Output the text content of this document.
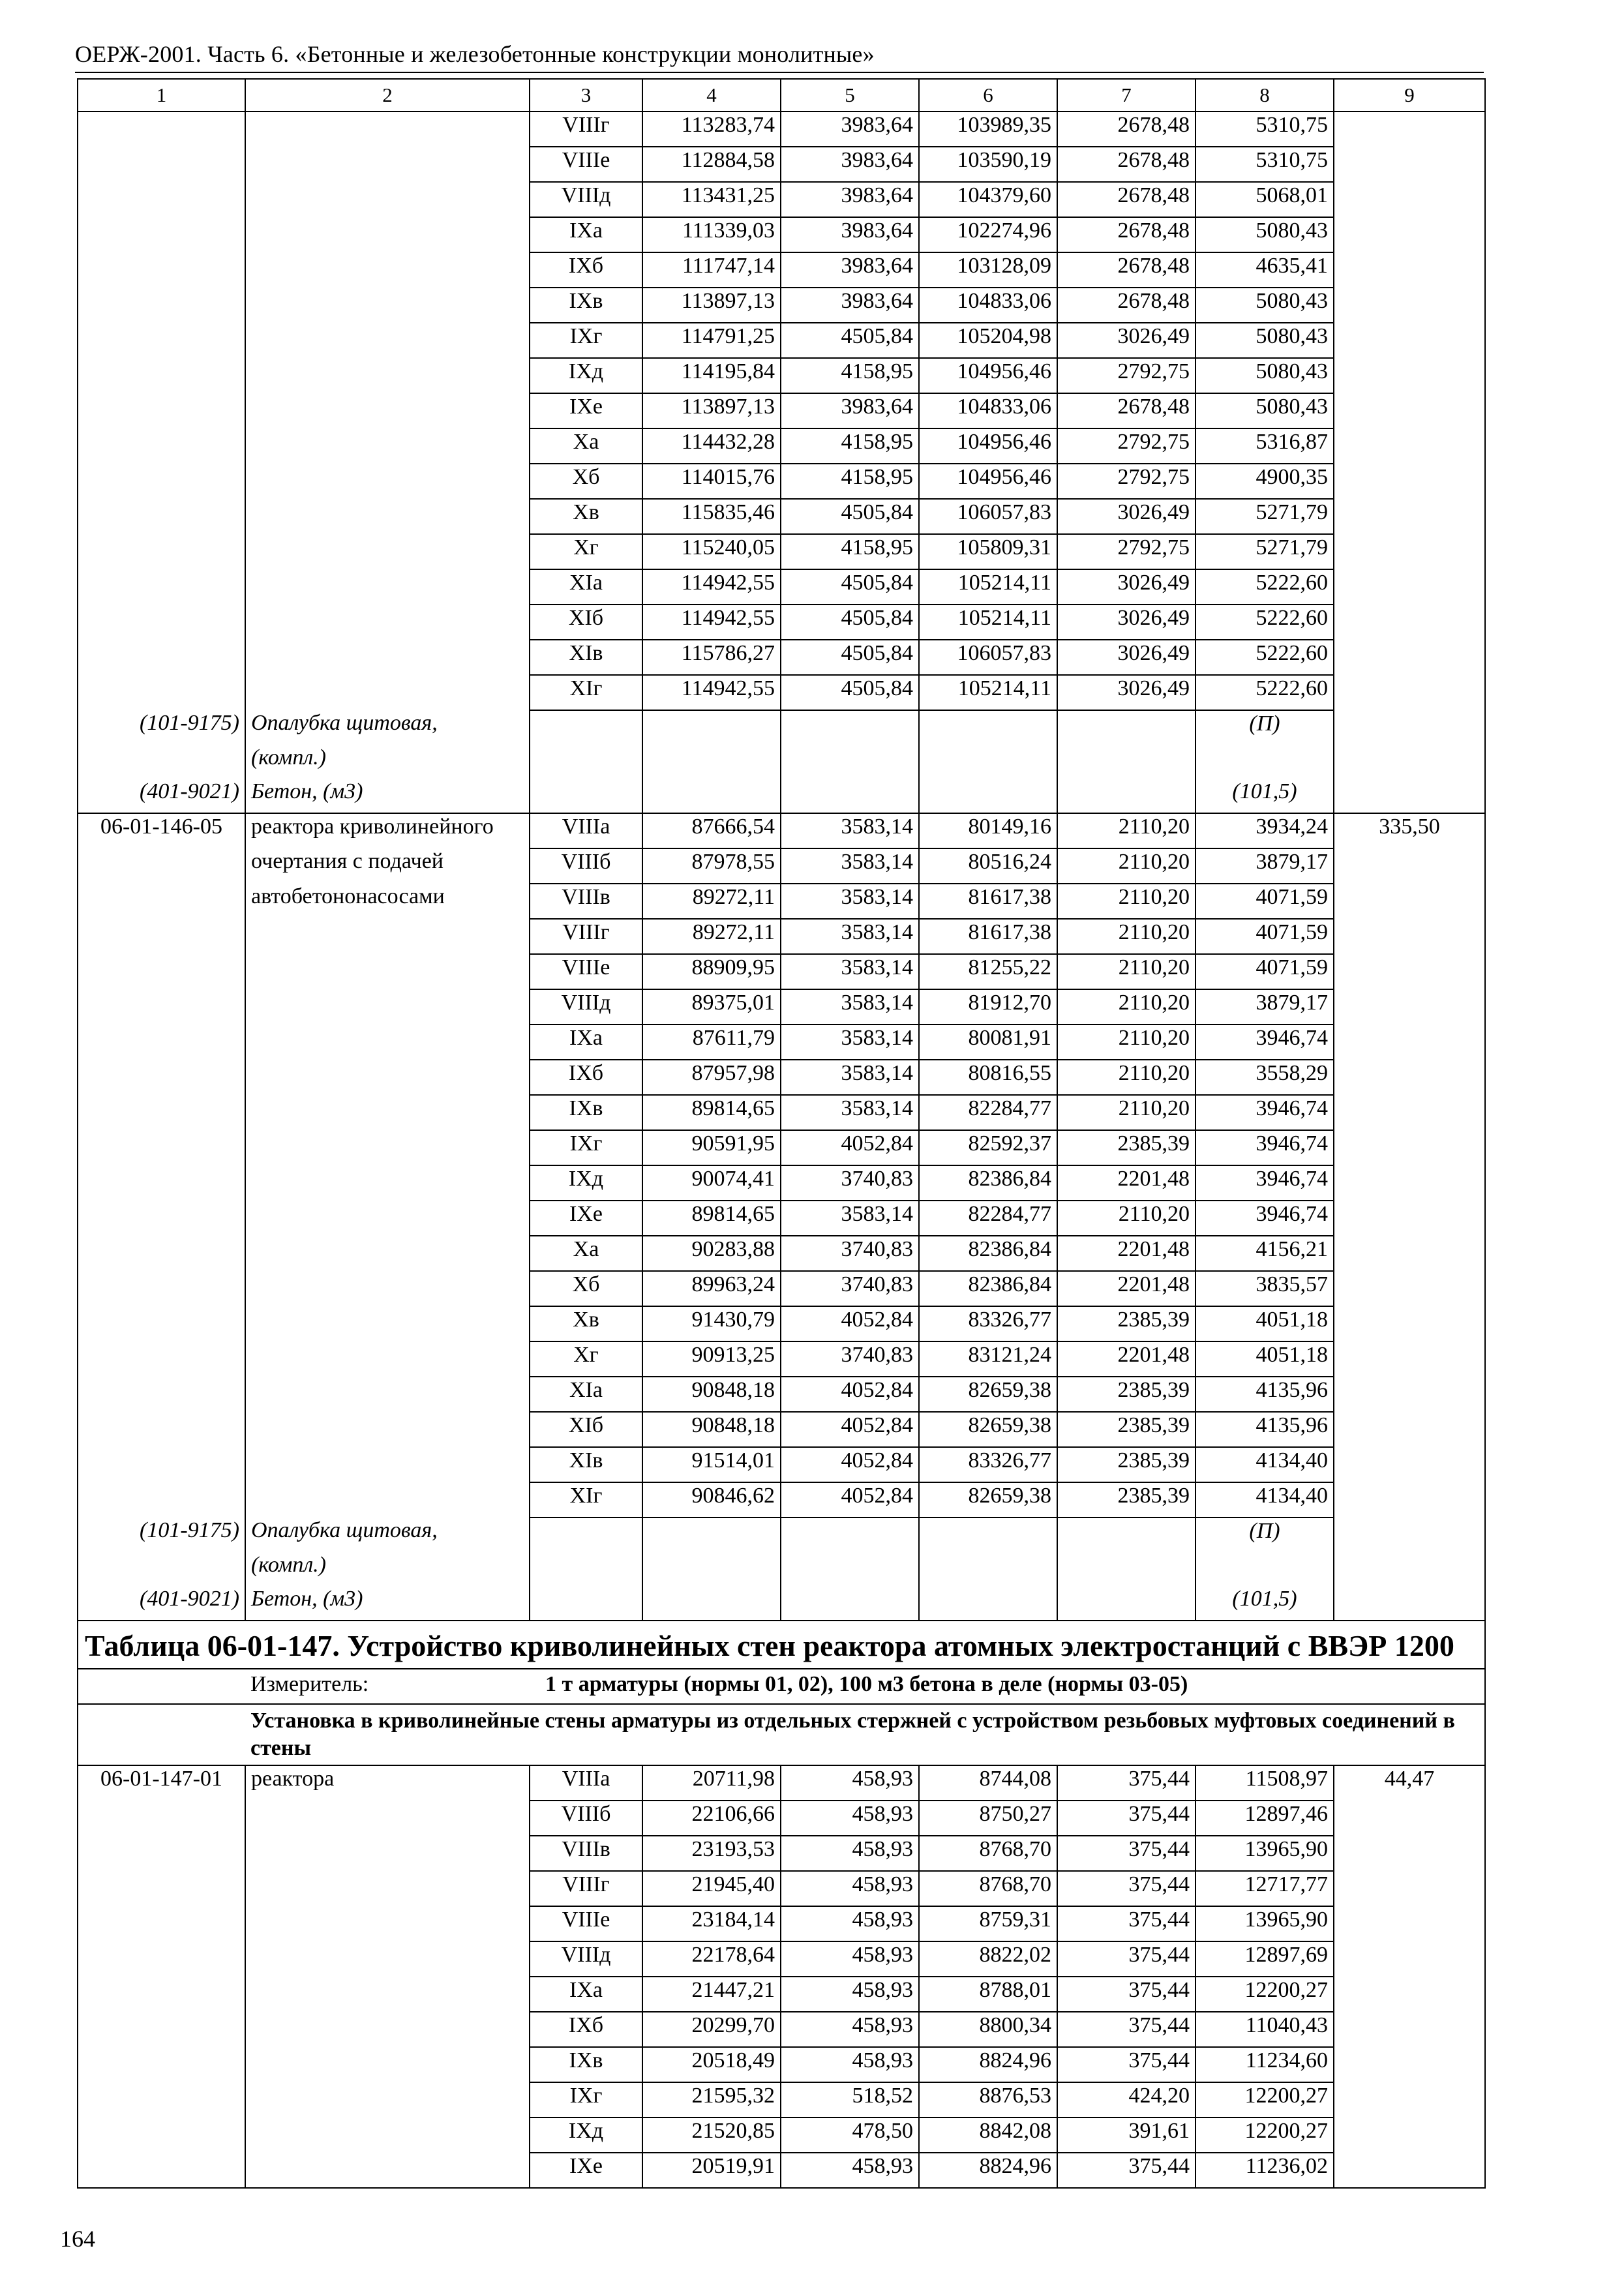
ОЕРЖ-2001. Часть 6. «Бетонные и железобетонные конструкции монолитные»
1	2	3	4	5	6	7	8	9
		VIIIг	113283,74	3983,64	103989,35	2678,48	5310,75	
		VIIIе	112884,58	3983,64	103590,19	2678,48	5310,75	
		VIIIд	113431,25	3983,64	104379,60	2678,48	5068,01	
		IXа	111339,03	3983,64	102274,96	2678,48	5080,43	
		IXб	111747,14	3983,64	103128,09	2678,48	4635,41	
		IXв	113897,13	3983,64	104833,06	2678,48	5080,43	
		IXг	114791,25	4505,84	105204,98	3026,49	5080,43	
		IXд	114195,84	4158,95	104956,46	2792,75	5080,43	
		IXе	113897,13	3983,64	104833,06	2678,48	5080,43	
		Xа	114432,28	4158,95	104956,46	2792,75	5316,87	
		Xб	114015,76	4158,95	104956,46	2792,75	4900,35	
		Xв	115835,46	4505,84	106057,83	3026,49	5271,79	
		Xг	115240,05	4158,95	105809,31	2792,75	5271,79	
		XIа	114942,55	4505,84	105214,11	3026,49	5222,60	
		XIб	114942,55	4505,84	105214,11	3026,49	5222,60	
		XIв	115786,27	4505,84	106057,83	3026,49	5222,60	
		XIг	114942,55	4505,84	105214,11	3026,49	5222,60	
(101-9175)	Опалубка щитовая,						(П)	
	(компл.)							
(401-9021)	Бетон, (м3)						(101,5)	
06-01-146-05	реактора криволинейного	VIIIа	87666,54	3583,14	80149,16	2110,20	3934,24	335,50
	очертания с подачей	VIIIб	87978,55	3583,14	80516,24	2110,20	3879,17	
	автобетононасосами	VIIIв	89272,11	3583,14	81617,38	2110,20	4071,59	
		VIIIг	89272,11	3583,14	81617,38	2110,20	4071,59	
		VIIIе	88909,95	3583,14	81255,22	2110,20	4071,59	
		VIIIд	89375,01	3583,14	81912,70	2110,20	3879,17	
		IXа	87611,79	3583,14	80081,91	2110,20	3946,74	
		IXб	87957,98	3583,14	80816,55	2110,20	3558,29	
		IXв	89814,65	3583,14	82284,77	2110,20	3946,74	
		IXг	90591,95	4052,84	82592,37	2385,39	3946,74	
		IXд	90074,41	3740,83	82386,84	2201,48	3946,74	
		IXе	89814,65	3583,14	82284,77	2110,20	3946,74	
		Xа	90283,88	3740,83	82386,84	2201,48	4156,21	
		Xб	89963,24	3740,83	82386,84	2201,48	3835,57	
		Xв	91430,79	4052,84	83326,77	2385,39	4051,18	
		Xг	90913,25	3740,83	83121,24	2201,48	4051,18	
		XIа	90848,18	4052,84	82659,38	2385,39	4135,96	
		XIб	90848,18	4052,84	82659,38	2385,39	4135,96	
		XIв	91514,01	4052,84	83326,77	2385,39	4134,40	
		XIг	90846,62	4052,84	82659,38	2385,39	4134,40	
(101-9175)	Опалубка щитовая,						(П)	
	(компл.)							
(401-9021)	Бетон, (м3)						(101,5)	
Таблица 06-01-147. Устройство криволинейных стен реактора атомных электростанций с ВВЭР 1200								
	Измеритель:	1 т арматуры (нормы 01, 02), 100 м3 бетона в деле (нормы 03-05)						
	Установка в криволинейные стены арматуры из отдельных стержней с устройством резьбовых муфтовых соединений в стены							
06-01-147-01	реактора	VIIIа	20711,98	458,93	8744,08	375,44	11508,97	44,47
		VIIIб	22106,66	458,93	8750,27	375,44	12897,46	
		VIIIв	23193,53	458,93	8768,70	375,44	13965,90	
		VIIIг	21945,40	458,93	8768,70	375,44	12717,77	
		VIIIе	23184,14	458,93	8759,31	375,44	13965,90	
		VIIIд	22178,64	458,93	8822,02	375,44	12897,69	
		IXа	21447,21	458,93	8788,01	375,44	12200,27	
		IXб	20299,70	458,93	8800,34	375,44	11040,43	
		IXв	20518,49	458,93	8824,96	375,44	11234,60	
		IXг	21595,32	518,52	8876,53	424,20	12200,27	
		IXд	21520,85	478,50	8842,08	391,61	12200,27	
		IXе	20519,91	458,93	8824,96	375,44	11236,02	
164
